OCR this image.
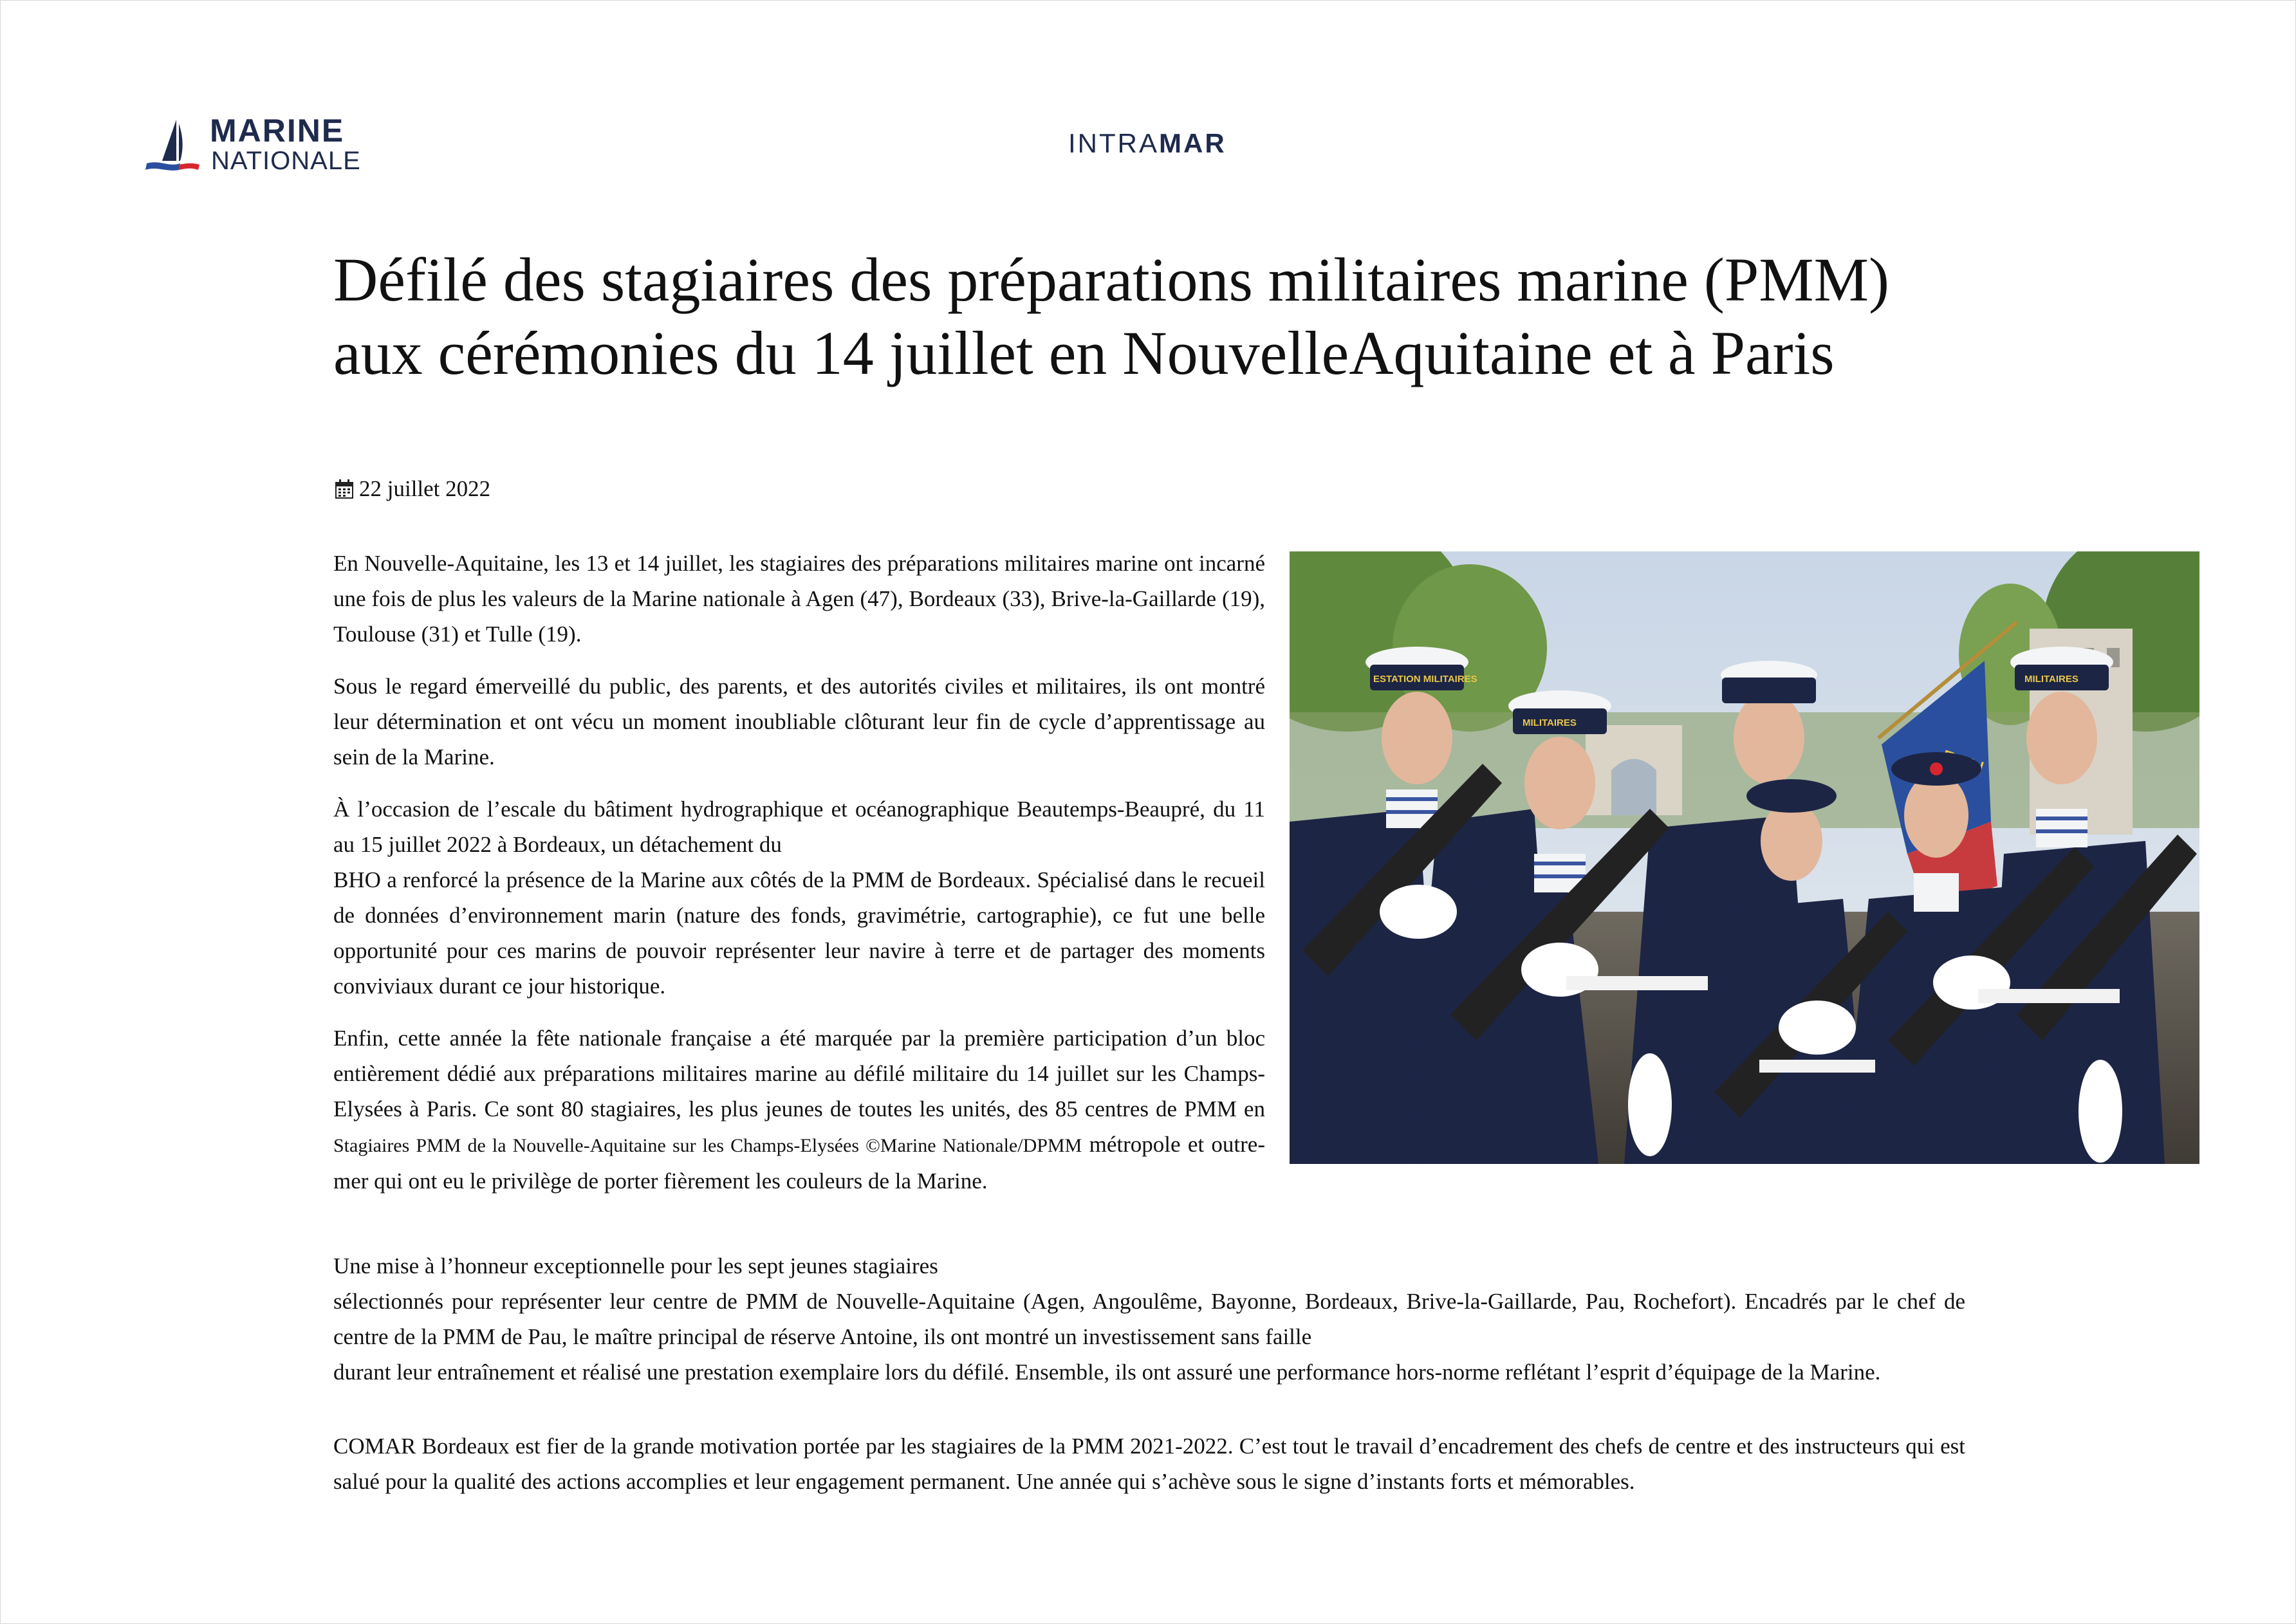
MARINE
NATIONALE
INTRAMAR
Défilé des stagiaires des préparations militaires marine (PMM) aux cérémonies du 14 juillet en NouvelleAquitaine et à Paris
22 juillet 2022

En Nouvelle-Aquitaine, les 13 et 14 juillet, les stagiaires des préparations militaires marine ont incarné une fois de plus les valeurs de la Marine nationale à Agen (47), Bordeaux (33), Brive-la-Gaillarde (19), Toulouse (31) et Tulle (19).

Sous le regard émerveillé du public, des parents, et des autorités civiles et militaires, ils ont montré leur détermination et ont vécu un moment inoubliable clôturant leur fin de cycle d’apprentissage au sein de la Marine.

À l’occasion de l’escale du bâtiment hydrographique et océanographique Beautemps-Beaupré, du 11 au 15 juillet 2022 à Bordeaux, un détachement du
BHO a renforcé la présence de la Marine aux côtés de la PMM de Bordeaux. Spécialisé dans le recueil de données d’environnement marin (nature des fonds, gravimétrie, cartographie), ce fut une belle opportunité pour ces marins de pouvoir représenter leur navire à terre et de partager des moments conviviaux durant ce jour historique.

Enfin, cette année la fête nationale française a été marquée par la première participation d’un bloc entièrement dédié aux préparations militaires marine au défilé militaire du 14 juillet sur les Champs-Elysées à Paris. Ce sont 80 stagiaires, les plus jeunes de toutes les unités, des 85 centres de PMM en Stagiaires PMM de la Nouvelle-Aquitaine sur les Champs-Elysées ©Marine Nationale/DPMM métropole et outre-mer qui ont eu le privilège de porter fièrement les couleurs de la Marine.

ESTATION MILITAIRES
MILITAIRES
MILITAIRES

Une mise à l’honneur exceptionnelle pour les sept jeunes stagiaires
sélectionnés pour représenter leur centre de PMM de Nouvelle-Aquitaine (Agen, Angoulême, Bayonne, Bordeaux, Brive-la-Gaillarde, Pau, Rochefort). Encadrés par le chef de centre de la PMM de Pau, le maître principal de réserve Antoine, ils ont montré un investissement sans faille
durant leur entraînement et réalisé une prestation exemplaire lors du défilé. Ensemble, ils ont assuré une performance hors-norme reflétant l’esprit d’équipage de la Marine.

COMAR Bordeaux est fier de la grande motivation portée par les stagiaires de la PMM 2021-2022. C’est tout le travail d’encadrement des chefs de centre et des instructeurs qui est salué pour la qualité des actions accomplies et leur engagement permanent. Une année qui s’achève sous le signe d’instants forts et mémorables.
